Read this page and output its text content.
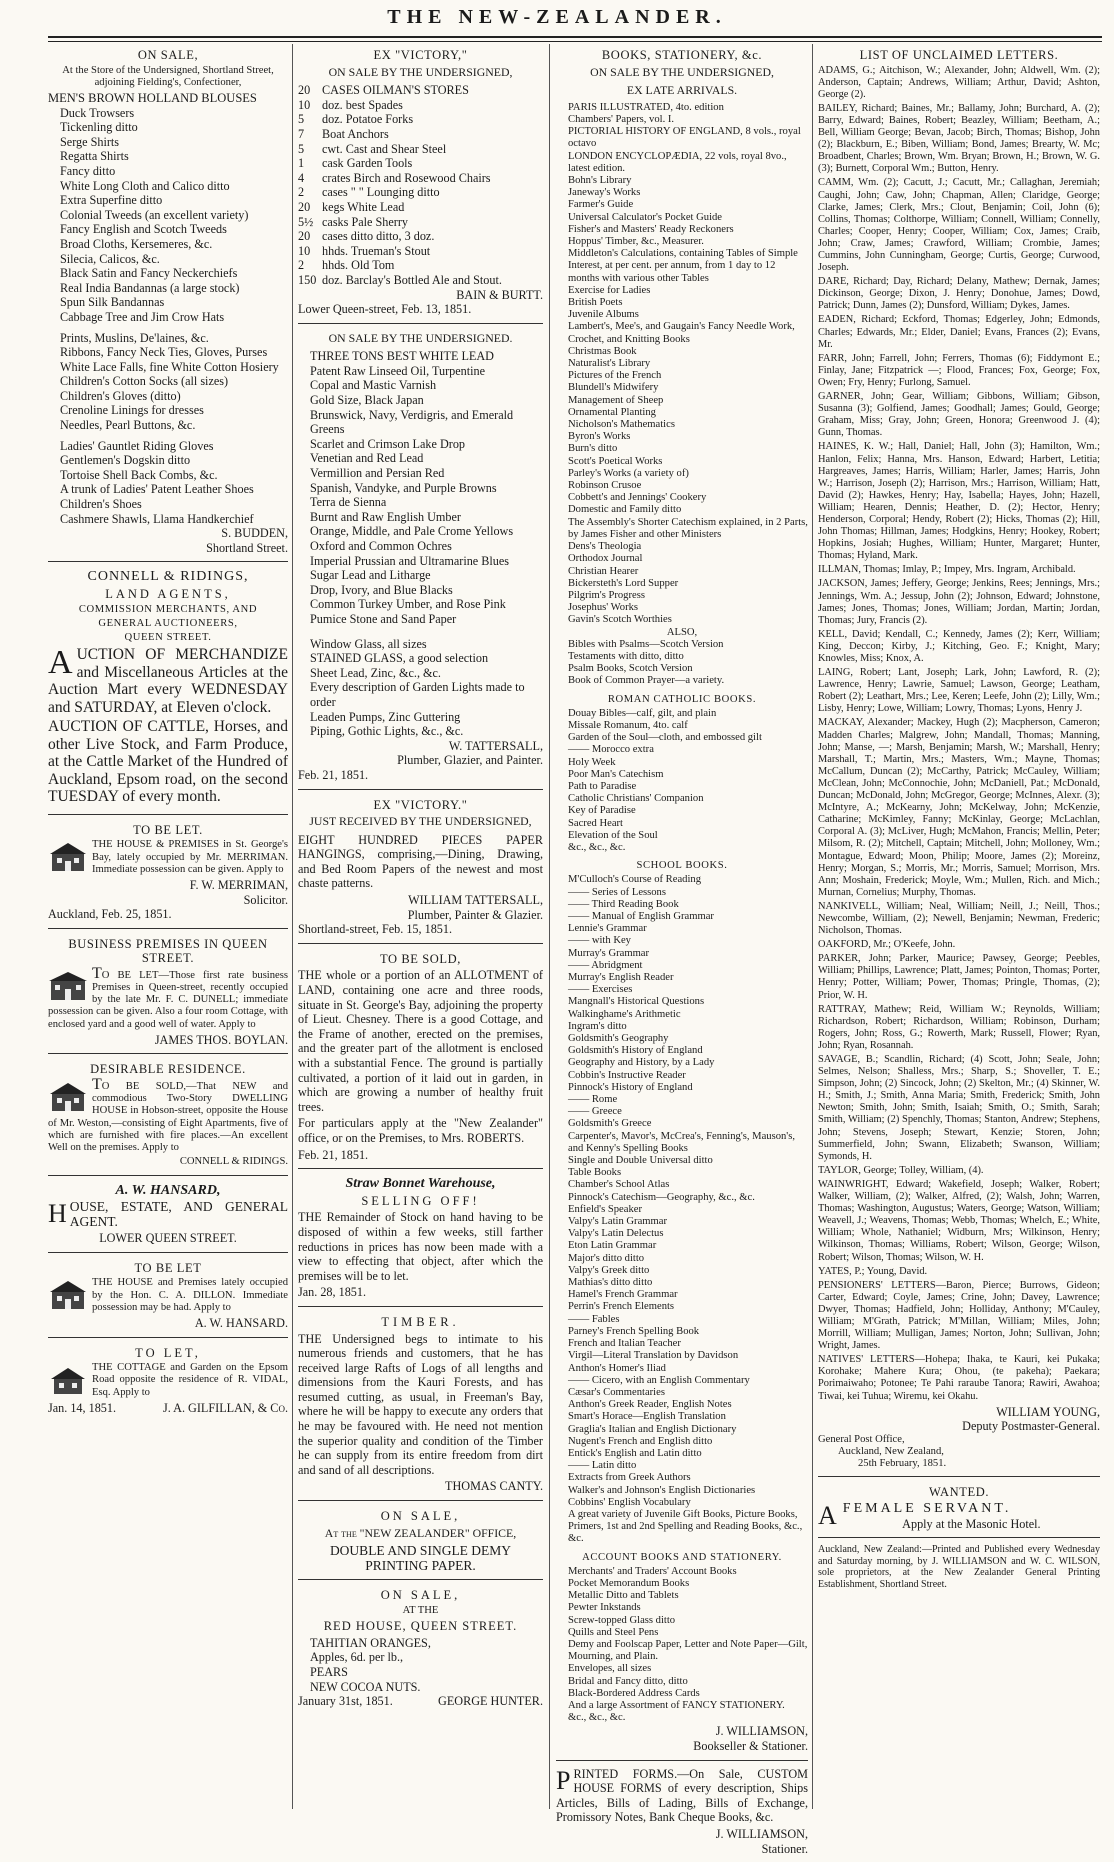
THE NEW-ZEALANDER.
ON SALE,
At the Store of the Undersigned, Shortland Street, adjoining Fielding's, Confectioner,
MEN'S BROWN HOLLAND BLOUSES
Duck Trowsers
Tickenling ditto
Serge Shirts
Regatta Shirts
Fancy ditto
White Long Cloth and Calico ditto
Extra Superfine ditto
Colonial Tweeds (an excellent variety)
Fancy English and Scotch Tweeds
Broad Cloths, Kersemeres, &c.
Silecia, Calicos, &c.
Black Satin and Fancy Neckerchiefs
Real India Bandannas (a large stock)
Spun Silk Bandannas
Cabbage Tree and Jim Crow Hats
Prints, Muslins, De'laines, &c.
Ribbons, Fancy Neck Ties, Gloves, Purses
White Lace Falls, fine White Cotton Hosiery
Children's Cotton Socks (all sizes)
Children's Gloves (ditto)
Crenoline Linings for dresses
Needles, Pearl Buttons, &c.
Ladies' Gauntlet Riding Gloves
Gentlemen's Dogskin ditto
Tortoise Shell Back Combs, &c.
A trunk of Ladies' Patent Leather Shoes
Children's Shoes
Cashmere Shawls, Llama Handkerchief
S. BUDDEN,
Shortland Street.
CONNELL & RIDINGS,
LAND AGENTS,
COMMISSION MERCHANTS, AND
GENERAL AUCTIONEERS,
QUEEN STREET.
AUCTION OF MERCHANDIZE and Miscellaneous Articles at the Auction Mart every WEDNESDAY and SATURDAY, at Eleven o'clock.
AUCTION OF CATTLE, Horses, and other Live Stock, and Farm Produce, at the Cattle Market of the Hundred of Auckland, Epsom road, on the second TUESDAY of every month.
TO BE LET.
THE HOUSE & PREMISES in St. George's Bay, lately occupied by Mr. MERRIMAN. Immediate possession can be given. Apply to
F. W. MERRIMAN,
Solicitor.
Auckland, Feb. 25, 1851.
BUSINESS PREMISES IN QUEEN STREET.
TO BE LET—Those first rate business Premises in Queen-street, recently occupied by the late Mr. F. C. DUNELL; immediate possession can be given. Also a four room Cottage, with enclosed yard and a good well of water. Apply to
JAMES THOS. BOYLAN.
DESIRABLE RESIDENCE.
TO BE SOLD,—That NEW and commodious Two-Story DWELLING HOUSE in Hobson-street, opposite the House of Mr. Weston,—consisting of Eight Apartments, five of which are furnished with fire places.—An excellent Well on the premises. Apply to
CONNELL & RIDINGS.
A. W. HANSARD,
HOUSE, ESTATE, AND GENERAL AGENT.
LOWER QUEEN STREET.
TO BE LET
THE HOUSE and Premises lately occupied by the Hon. C. A. DILLON. Immediate possession may be had. Apply to
A. W. HANSARD.
TO LET,
THE COTTAGE and Garden on the Epsom Road opposite the residence of R. VIDAL, Esq. Apply to
Jan. 14, 1851.	J. A. GILFILLAN, & Co.
EX "VICTORY,"
ON SALE BY THE UNDERSIGNED,
20 CASES OILMAN'S STORES
10 doz. best Spades
5 doz. Potatoe Forks
7 Boat Anchors
5 cwt. Cast and Shear Steel
1 cask Garden Tools
4 crates Birch and Rosewood Chairs
2 cases " " Lounging ditto
20 kegs White Lead
5½ casks Pale Sherry
20 cases ditto ditto, 3 doz.
10 hhds. Trueman's Stout
2 hhds. Old Tom
150 doz. Barclay's Bottled Ale and Stout.
BAIN & BURTT.
Lower Queen-street, Feb. 13, 1851.
ON SALE BY THE UNDERSIGNED.
THREE TONS BEST WHITE LEAD
Patent Raw Linseed Oil, Turpentine
Copal and Mastic Varnish
Gold Size, Black Japan
Brunswick, Navy, Verdigris, and Emerald Greens
Scarlet and Crimson Lake Drop
Venetian and Red Lead
Vermillion and Persian Red
Spanish, Vandyke, and Purple Browns
Terra de Sienna
Burnt and Raw English Umber
Orange, Middle, and Pale Crome Yellows
Oxford and Common Ochres
Imperial Prussian and Ultramarine Blues
Sugar Lead and Litharge
Drop, Ivory, and Blue Blacks
Common Turkey Umber, and Rose Pink
Pumice Stone and Sand Paper
Window Glass, all sizes
STAINED GLASS, a good selection
Sheet Lead, Zinc, &c., &c.
Every description of Garden Lights made to order
Leaden Pumps, Zinc Guttering
Piping, Gothic Lights, &c., &c.
W. TATTERSALL,
Plumber, Glazier, and Painter.
Feb. 21, 1851.
EX "VICTORY."
JUST RECEIVED BY THE UNDERSIGNED,
EIGHT HUNDRED PIECES PAPER HANGINGS, comprising,—Dining, Drawing, and Bed Room Papers of the newest and most chaste patterns.
WILLIAM TATTERSALL,
Plumber, Painter & Glazier.
Shortland-street, Feb. 15, 1851.
TO BE SOLD,
THE whole or a portion of an ALLOTMENT of LAND, containing one acre and three roods, situate in St. George's Bay, adjoining the property of Lieut. Chesney. There is a good Cottage, and the Frame of another, erected on the premises, and the greater part of the allotment is enclosed with a substantial Fence. The ground is partially cultivated, a portion of it laid out in garden, in which are growing a number of healthy fruit trees.
For particulars apply at the "New Zealander" office, or on the Premises, to Mrs. ROBERTS.
Feb. 21, 1851.
Straw Bonnet Warehouse,
SELLING OFF!
THE Remainder of Stock on hand having to be disposed of within a few weeks, still farther reductions in prices has now been made with a view to effecting that object, after which the premises will be to let.
Jan. 28, 1851.
TIMBER.
THE Undersigned begs to intimate to his numerous friends and customers, that he has received large Rafts of Logs of all lengths and dimensions from the Kauri Forests, and has resumed cutting, as usual, in Freeman's Bay, where he will be happy to execute any orders that he may be favoured with. He need not mention the superior quality and condition of the Timber he can supply from its entire freedom from dirt and sand of all descriptions.
THOMAS CANTY.
ON SALE,
At the "NEW ZEALANDER" OFFICE,
DOUBLE AND SINGLE DEMY PRINTING PAPER.
ON SALE,
AT THE
RED HOUSE, QUEEN STREET.
TAHITIAN ORANGES,
Apples, 6d. per lb.,
PEARS
NEW COCOA NUTS.
January 31st, 1851.	GEORGE HUNTER.
BOOKS, STATIONERY, &c.
ON SALE BY THE UNDERSIGNED,
EX LATE ARRIVALS.
PARIS ILLUSTRATED, 4to. edition
Chambers' Papers, vol. I.
PICTORIAL HISTORY OF ENGLAND, 8 vols., royal octavo
LONDON ENCYCLOPÆDIA, 22 vols, royal 8vo., latest edition.
Bohn's Library
Janeway's Works
Farmer's Guide
Universal Calculator's Pocket Guide
Fisher's and Masters' Ready Reckoners
Hoppus' Timber, &c., Measurer.
Middleton's Calculations, containing Tables of Simple Interest, at per cent. per annum, from 1 day to 12 months with various other Tables
Exercise for Ladies
British Poets
Juvenile Albums
Lambert's, Mee's, and Gaugain's Fancy Needle Work, Crochet, and Knitting Books
Christmas Book
Naturalist's Library
Pictures of the French
Blundell's Midwifery
Management of Sheep
Ornamental Planting
Nicholson's Mathematics
Byron's Works
Burn's ditto
Scott's Poetical Works
Parley's Works (a variety of)
Robinson Crusoe
Cobbett's and Jennings' Cookery
Domestic and Family ditto
The Assembly's Shorter Catechism explained, in 2 Parts, by James Fisher and other Ministers
Dens's Theologia
Orthodox Journal
Christian Hearer
Bickersteth's Lord Supper
Pilgrim's Progress
Josephus' Works
Gavin's Scotch Worthies
ALSO,
Bibles with Psalms—Scotch Version
Testaments with ditto, ditto
Psalm Books, Scotch Version
Book of Common Prayer—a variety.
ROMAN CATHOLIC BOOKS.
Douay Bibles—calf, gilt, and plain
Missale Romanum, 4to. calf
Garden of the Soul—cloth, and embossed gilt
—— Morocco extra
Holy Week
Poor Man's Catechism
Path to Paradise
Catholic Christians' Companion
Key of Paradise
Sacred Heart
Elevation of the Soul
&c., &c., &c.
SCHOOL BOOKS.
M'Culloch's Course of Reading
—— Series of Lessons
—— Third Reading Book
—— Manual of English Grammar
Lennie's Grammar
—— with Key
Murray's Grammar
—— Abridgment
Murray's English Reader
—— Exercises
Mangnall's Historical Questions
Walkinghame's Arithmetic
Ingram's ditto
Goldsmith's Geography
Goldsmith's History of England
Geography and History, by a Lady
Cobbin's Instructive Reader
Pinnock's History of England
—— Rome
—— Greece
Goldsmith's Greece
Carpenter's, Mavor's, McCrea's, Fenning's, Mauson's, and Kenny's Spelling Books
Single and Double Universal ditto
Table Books
Chamber's School Atlas
Pinnock's Catechism—Geography, &c., &c.
Enfield's Speaker
Valpy's Latin Grammar
Valpy's Latin Delectus
Eton Latin Grammar
Major's ditto ditto
Valpy's Greek ditto
Mathias's ditto ditto
Hamel's French Grammar
Perrin's French Elements
—— Fables
Parney's French Spelling Book
French and Italian Teacher
Virgil—Literal Translation by Davidson
Anthon's Homer's Iliad
—— Cicero, with an English Commentary
Cæsar's Commentaries
Anthon's Greek Reader, English Notes
Smart's Horace—English Translation
Graglia's Italian and English Dictionary
Nugent's French and English ditto
Entick's English and Latin ditto
—— Latin ditto
Extracts from Greek Authors
Walker's and Johnson's English Dictionaries
Cobbins' English Vocabulary
A great variety of Juvenile Gift Books, Picture Books, Primers, 1st and 2nd Spelling and Reading Books, &c., &c.
ACCOUNT BOOKS AND STATIONERY.
Merchants' and Traders' Account Books
Pocket Memorandum Books
Metallic Ditto and Tablets
Pewter Inkstands
Screw-topped Glass ditto
Quills and Steel Pens
Demy and Foolscap Paper, Letter and Note Paper—Gilt, Mourning, and Plain.
Envelopes, all sizes
Bridal and Fancy ditto, ditto
Black-Bordered Address Cards
And a large Assortment of FANCY STATIONERY.
&c., &c., &c.
J. WILLIAMSON,
Bookseller & Stationer.
PRINTED FORMS.—On Sale, CUSTOM HOUSE FORMS of every description, Ships Articles, Bills of Lading, Bills of Exchange, Promissory Notes, Bank Cheque Books, &c.
J. WILLIAMSON,
Stationer.
LIST OF UNCLAIMED LETTERS.
ADAMS, G.; Aitchison, W.; Alexander, John; Aldwell, Wm. (2); Anderson, Captain; Andrews, William; Arthur, David; Ashton, George (2).
BAILEY, Richard; Baines, Mr.; Ballamy, John; Burchard, A. (2); Barry, Edward; Baines, Robert; Beazley, William; Beetham, A.; Bell, William George; Bevan, Jacob; Birch, Thomas; Bishop, John (2); Blackburn, E.; Biben, William; Bond, James; Brearty, W. Mc; Broadbent, Charles; Brown, Wm. Bryan; Brown, H.; Brown, W. G. (3); Burnett, Corporal Wm.; Button, Henry.
CAMM, Wm. (2); Cacutt, J.; Cacutt, Mr.; Callaghan, Jeremiah; Caughi, John; Caw, John; Chapman, Allen; Claridge, George; Clarke, James; Clerk, Mrs.; Clout, Benjamin; Coil, John (6); Collins, Thomas; Colthorpe, William; Connell, William; Connelly, Charles; Cooper, Henry; Cooper, William; Cox, James; Craib, John; Craw, James; Crawford, William; Crombie, James; Cummins, John Cunningham, George; Curtis, George; Curwood, Joseph.
DARE, Richard; Day, Richard; Delany, Mathew; Dernak, James; Dickinson, George; Dixon, J. Henry; Donohue, James; Dowd, Patrick; Dunn, James (2); Dunsford, William; Dykes, James.
EADEN, Richard; Eckford, Thomas; Edgerley, John; Edmonds, Charles; Edwards, Mr.; Elder, Daniel; Evans, Frances (2); Evans, Mr.
FARR, John; Farrell, John; Ferrers, Thomas (6); Fiddymont E.; Finlay, Jane; Fitzpatrick —; Flood, Frances; Fox, George; Fox, Owen; Fry, Henry; Furlong, Samuel.
GARNER, John; Gear, William; Gibbons, William; Gibson, Susanna (3); Golfiend, James; Goodhall; James; Gould, George; Graham, Miss; Gray, John; Green, Honora; Greenwood J. (4); Gunn, Thomas.
HAINES, K. W.; Hall, Daniel; Hall, John (3); Hamilton, Wm.; Hanlon, Felix; Hanna, Mrs. Hanson, Edward; Harbert, Letitia; Hargreaves, James; Harris, William; Harler, James; Harris, John W.; Harrison, Joseph (2); Harrison, Mrs.; Harrison, William; Hatt, David (2); Hawkes, Henry; Hay, Isabella; Hayes, John; Hazell, William; Hearen, Dennis; Heather, D. (2); Hector, Henry; Henderson, Corporal; Hendy, Robert (2); Hicks, Thomas (2); Hill, John Thomas; Hillman, James; Hodgkins, Henry; Hookey, Robert; Hopkins, Josiah; Hughes, William; Hunter, Margaret; Hunter, Thomas; Hyland, Mark.
ILLMAN, Thomas; Imlay, P.; Impey, Mrs. Ingram, Archibald.
JACKSON, James; Jeffery, George; Jenkins, Rees; Jennings, Mrs.; Jennings, Wm. A.; Jessup, John (2); Johnson, Edward; Johnstone, James; Jones, Thomas; Jones, William; Jordan, Martin; Jordan, Thomas; Jury, Francis (2).
KELL, David; Kendall, C.; Kennedy, James (2); Kerr, William; King, Deccon; Kirby, J.; Kitching, Geo. F.; Knight, Mary; Knowles, Miss; Knox, A.
LAING, Robert; Lant, Joseph; Lark, John; Lawford, R. (2); Lawrence, Henry; Lawrie, Samuel; Lawson, George; Leatham, Robert (2); Leathart, Mrs.; Lee, Keren; Leefe, John (2); Lilly, Wm.; Lisby, Henry; Lowe, William; Lowry, Thomas; Lyons, Henry J.
MACKAY, Alexander; Mackey, Hugh (2); Macpherson, Cameron; Madden Charles; Malgrew, John; Mandall, Thomas; Manning, John; Manse, —; Marsh, Benjamin; Marsh, W.; Marshall, Henry; Marshall, T.; Martin, Mrs.; Masters, Wm.; Mayne, Thomas; McCallum, Duncan (2); McCarthy, Patrick; McCauley, William; McClean, John; McConnochie, John; McDaniell, Pat.; McDonald, Duncan; McDonald, John; McGregor, George; McInnes, Alexr. (3); McIntyre, A.; McKearny, John; McKelway, John; McKenzie, Catharine; McKimley, Fanny; McKinlay, George; McLachlan, Corporal A. (3); McLiver, Hugh; McMahon, Francis; Mellin, Peter; Milsom, R. (2); Mitchell, Captain; Mitchell, John; Molloney, Wm.; Montague, Edward; Moon, Philip; Moore, James (2); Moreinz, Henry; Morgan, S.; Morris, Mr.; Morris, Samuel; Morrison, Mrs. Ann; Moshain, Frederick; Moyle, Wm.; Mullen, Rich. and Mich.; Murnan, Cornelius; Murphy, Thomas.
NANKIVELL, William; Neal, William; Neill, J.; Neill, Thos.; Newcombe, William, (2); Newell, Benjamin; Newman, Frederic; Nicholson, Thomas.
OAKFORD, Mr.; O'Keefe, John.
PARKER, John; Parker, Maurice; Pawsey, George; Peebles, William; Phillips, Lawrence; Platt, James; Pointon, Thomas; Porter, Henry; Potter, William; Power, Thomas; Pringle, Thomas, (2); Prior, W. H.
RATTRAY, Mathew; Reid, William W.; Reynolds, William; Richardson, Robert; Richardson, William; Robinson, Durham; Rogers, John; Ross, G.; Rowerth, Mark; Russell, Flower; Ryan, John; Ryan, Rosannah.
SAVAGE, B.; Scandlin, Richard; (4) Scott, John; Seale, John; Selmes, Nelson; Shalless, Mrs.; Sharp, S.; Shoveller, T. E.; Simpson, John; (2) Sincock, John; (2) Skelton, Mr.; (4) Skinner, W. H.; Smith, J.; Smith, Anna Maria; Smith, Frederick; Smith, John Newton; Smith, John; Smith, Isaiah; Smith, O.; Smith, Sarah; Smith, William; (2) Spenchly, Thomas; Stanton, Andrew; Stephens, John; Stevens, Joseph; Stewart, Kenzie; Storen, John; Summerfield, John; Swann, Elizabeth; Swanson, William; Symonds, H.
TAYLOR, George; Tolley, William, (4).
WAINWRIGHT, Edward; Wakefield, Joseph; Walker, Robert; Walker, William, (2); Walker, Alfred, (2); Walsh, John; Warren, Thomas; Washington, Augustus; Waters, George; Watson, William; Weavell, J.; Weavens, Thomas; Webb, Thomas; Whelch, E.; White, William; Whole, Nathaniel; Widburn, Mrs; Wilkinson, Henry; Wilkinson, Thomas; Williams, Robert; Wilson, George; Wilson, Robert; Wilson, Thomas; Wilson, W. H.
YATES, P.; Young, David.
PENSIONERS' LETTERS—Baron, Pierce; Burrows, Gideon; Carter, Edward; Coyle, James; Crine, John; Davey, Lawrence; Dwyer, Thomas; Hadfield, John; Holliday, Anthony; M'Cauley, William; M'Grath, Patrick; M'Millan, William; Miles, John; Morrill, William; Mulligan, James; Norton, John; Sullivan, John; Wright, James.
NATIVES' LETTERS—Hohepa; Ihaka, te Kauri, kei Pukaka; Korohake; Mahere Kura; Ohou, (te pakeha); Paekara; Porimaiwaho; Potonee; Te Pahi raraube Tanora; Rawiri, Awahoa; Tiwai, kei Tuhua; Wiremu, kei Okahu.
WILLIAM YOUNG,
Deputy Postmaster-General.
General Post Office,
Auckland, New Zealand,
25th February, 1851.
WANTED.
AFEMALE SERVANT.
Apply at the Masonic Hotel.
Auckland, New Zealand:—Printed and Published every Wednesday and Saturday morning, by J. WILLIAMSON and W. C. WILSON, sole proprietors, at the New Zealander General Printing Establishment, Shortland Street.
